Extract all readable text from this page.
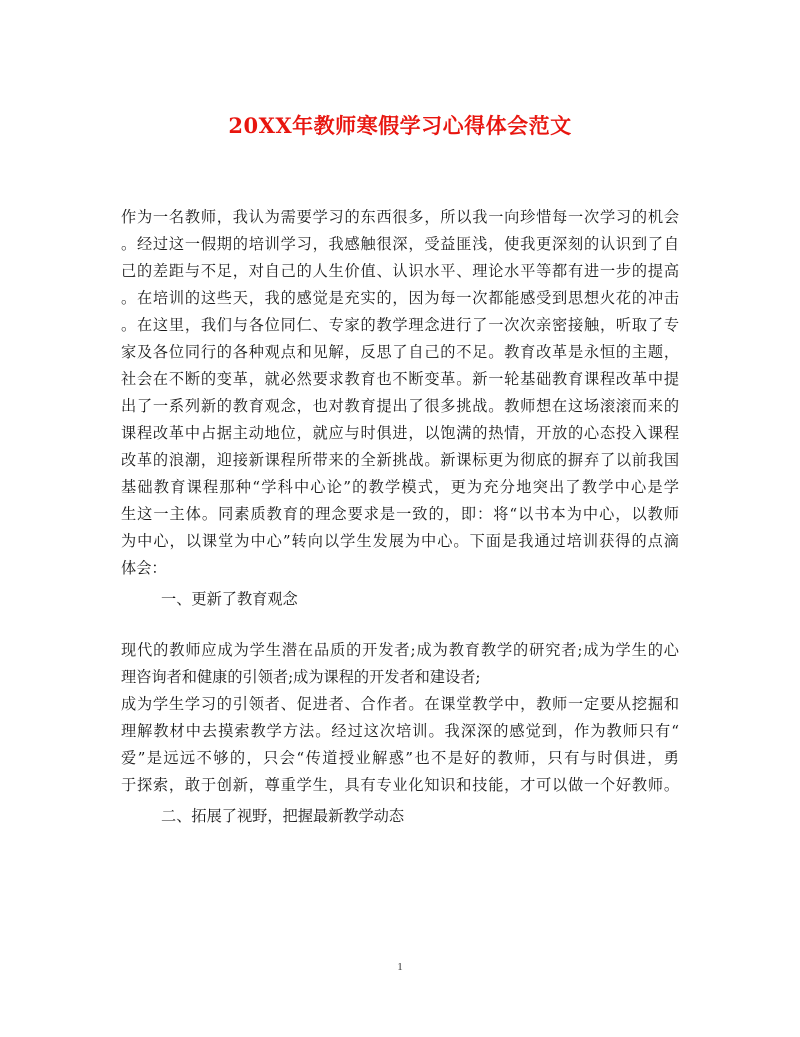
20XX年教师寒假学习心得体会范文
作为一名教师，我认为需要学习的东西很多，所以我一向珍惜每一次学习的机会
。经过这一假期的培训学习，我感触很深，受益匪浅，使我更深刻的认识到了自
己的差距与不足，对自己的人生价值、认识水平、理论水平等都有进一步的提高
。在培训的这些天，我的感觉是充实的，因为每一次都能感受到思想火花的冲击
。在这里，我们与各位同仁、专家的教学理念进行了一次次亲密接触，听取了专
家及各位同行的各种观点和见解，反思了自己的不足。教育改革是永恒的主题，
社会在不断的变革，就必然要求教育也不断变革。新一轮基础教育课程改革中提
出了一系列新的教育观念，也对教育提出了很多挑战。教师想在这场滚滚而来的
课程改革中占据主动地位，就应与时俱进，以饱满的热情，开放的心态投入课程
改革的浪潮，迎接新课程所带来的全新挑战。新课标更为彻底的摒弃了以前我国
基础教育课程那种“学科中心论”的教学模式，更为充分地突出了教学中心是学
生这一主体。同素质教育的理念要求是一致的，即：将“以书本为中心，以教师
为中心，以课堂为中心”转向以学生发展为中心。下面是我通过培训获得的点滴
体会：
一、更新了教育观念
现代的教师应成为学生潜在品质的开发者;成为教育教学的研究者;成为学生的心
理咨询者和健康的引领者;成为课程的开发者和建设者;
成为学生学习的引领者、促进者、合作者。在课堂教学中，教师一定要从挖掘和
理解教材中去摸索教学方法。经过这次培训。我深深的感觉到，作为教师只有“
爱”是远远不够的，只会“传道授业解惑”也不是好的教师，只有与时俱进，勇
于探索，敢于创新，尊重学生，具有专业化知识和技能，才可以做一个好教师。
二、拓展了视野，把握最新教学动态
1
